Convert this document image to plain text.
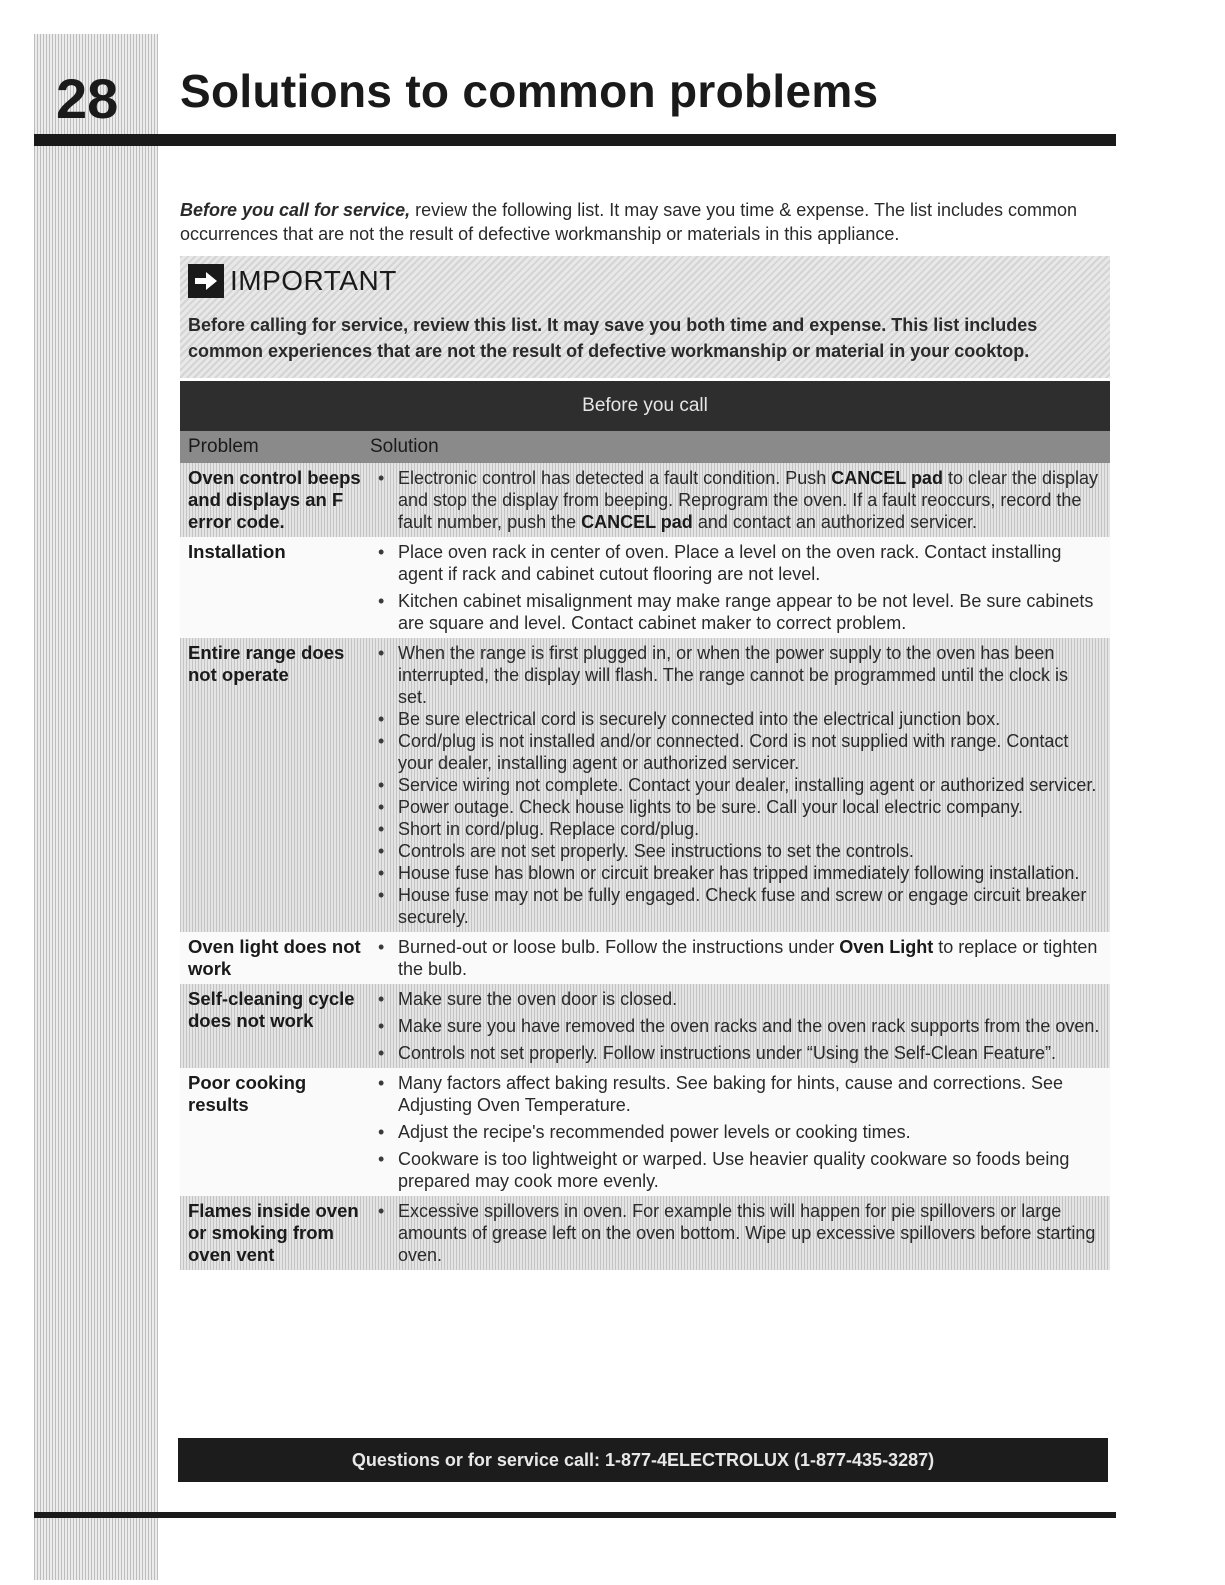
28 Solutions to common problems

Before you call for service, review the following list. It may save you time & expense. The list includes common occurrences that are not the result of defective workmanship or materials in this appliance.

IMPORTANT

Before calling for service, review this list. It may save you both time and expense. This list includes common experiences that are not the result of defective workmanship or material in your cooktop.

Before you call
Problem	Solution
Oven control beeps and displays an F error code.
• Electronic control has detected a fault condition. Push CANCEL pad to clear the display and stop the display from beeping. Reprogram the oven. If a fault reoccurs, record the fault number, push the CANCEL pad and contact an authorized servicer.
Installation
•	Place oven rack in center of oven. Place a level on the oven rack. Contact installing agent if rack and cabinet cutout flooring are not level.
• Kitchen cabinet misalignment may make range appear to be not level. Be sure cabinets are square and level. Contact cabinet maker to correct problem.
Entire range does not operate
• When the range is first plugged in, or when the power supply to the oven has been interrupted, the display will flash. The range cannot be programmed until the clock is set.
• Be sure electrical cord is securely connected into the electrical junction box.
• Cord/plug is not installed and/or connected. Cord is not supplied with range. Contact your dealer, installing agent or authorized servicer.
• Service wiring not complete. Contact your dealer, installing agent or authorized servicer.
• Power outage. Check house lights to be sure. Call your local electric company.
• Short in cord/plug. Replace cord/plug.
• Controls are not set properly. See instructions to set the controls.
• House fuse has blown or circuit breaker has tripped immediately following installation.
• House fuse may not be fully engaged. Check fuse and screw or engage circuit breaker securely.
Oven light does not work
• Burned-out or loose bulb. Follow the instructions under Oven Light to replace or tighten the bulb.
Self-cleaning cycle does not work
• Make sure the oven door is closed.
• Make sure you have removed the oven racks and the oven rack supports from the oven.
• Controls not set properly. Follow instructions under “Using the Self-Clean Feature”.
Poor cooking results
• Many factors affect baking results. See baking for hints, cause and corrections. See Adjusting Oven Temperature.
• Adjust the recipe's recommended power levels or cooking times.
• Cookware is too lightweight or warped. Use heavier quality cookware so foods being prepared may cook more evenly.
Flames inside oven or smoking from oven vent
• Excessive spillovers in oven. For example this will happen for pie spillovers or large amounts of grease left on the oven bottom. Wipe up excessive spillovers before starting oven.
Questions or for service call: 1-877-4ELECTROLUX (1-877-435-3287)
